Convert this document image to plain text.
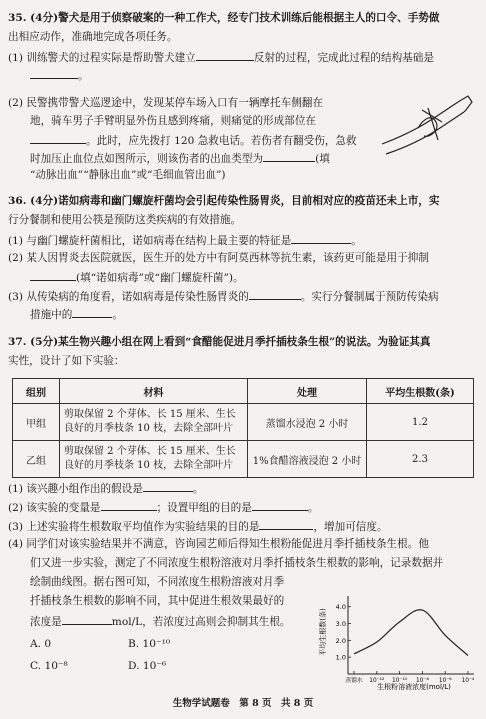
35. (4分)警犬是用于侦察破案的一种工作犬，经专门技术训练后能根据主人的口令、手势做
出相应动作，准确地完成各项任务。
(1) 训练警犬的过程实际是帮助警犬建立	反射的过程，完成此过程的结构基础是
。
(2) 民警携带警犬巡逻途中，发现某停车场入口有一辆摩托车侧翻在
地，骑车男子手臂明显外伤且感到疼痛，则痛觉的形成部位在
。此时，应先拨打 120 急救电话。若伤者有翻受伤，急救
时加压止血位点如图所示，则该伤者的出血类型为	(填
“动脉出血”“静脉出血”或“毛细血管出血”)
36. (4分)诺如病毒和幽门螺旋杆菌均会引起传染性肠胃炎，目前相对应的疫苗还未上市，实
行分餐制和使用公筷是预防这类疾病的有效措施。
(1) 与幽门螺旋杆菌相比，诺如病毒在结构上最主要的特征是	。
(2) 某人因胃炎去医院就医，医生开的处方中有阿莫西林等抗生素，该药更可能是用于抑制
(填“诺如病毒”或“幽门螺旋杆菌”)。
(3) 从传染病的角度看，诺如病毒是传染性肠胃炎的	。实行分餐制属于预防传染病
措施中的	。
37. (5分)某生物兴趣小组在网上看到“食醋能促进月季扦插枝条生根”的说法。为验证其真
实性，设计了如下实验：
组别	材料	处理	平均生根数(条)
甲组	剪取保留 2 个芽体、长 15 厘米、生长良好的月季枝条 10 枝，去除全部叶片	蒸馏水浸泡 2 小时	1.2
乙组	剪取保留 2 个芽体、长 15 厘米、生长良好的月季枝条 10 枝，去除全部叶片	1%食醋溶液浸泡 2 小时	2.3
(1) 该兴趣小组作出的假设是	。
(2) 该实验的变量是	；设置甲组的目的是	。
(3) 上述实验将生根数取平均值作为实验结果的目的是	，增加可信度。
(4) 同学们对该实验结果并不满意，咨询园艺师后得知生根粉能促进月季扦插枝条生根。他
们又进一步实验，测定了不同浓度生根粉溶液对月季扦插枝条生根数的影响，记录数据并
绘制曲线图。据右图可知，不同浓度生根粉溶液对月季
扦插枝条生根数的影响不同，其中促进生根效果最好的
浓度是	mol/L，若浓度过高则会抑制其生根。
A. 0	B. 10⁻¹⁰
C. 10⁻⁸	D. 10⁻⁶
平均生根数(条)
生根粉溶液浓度(mol/L)
1.0
2.0
3.0
4.0
蒸馏水 10⁻¹² 10⁻¹⁰ 10⁻⁸ 10⁻⁶ 10⁻⁴
生物学试题卷　第 8 页　共 8 页
